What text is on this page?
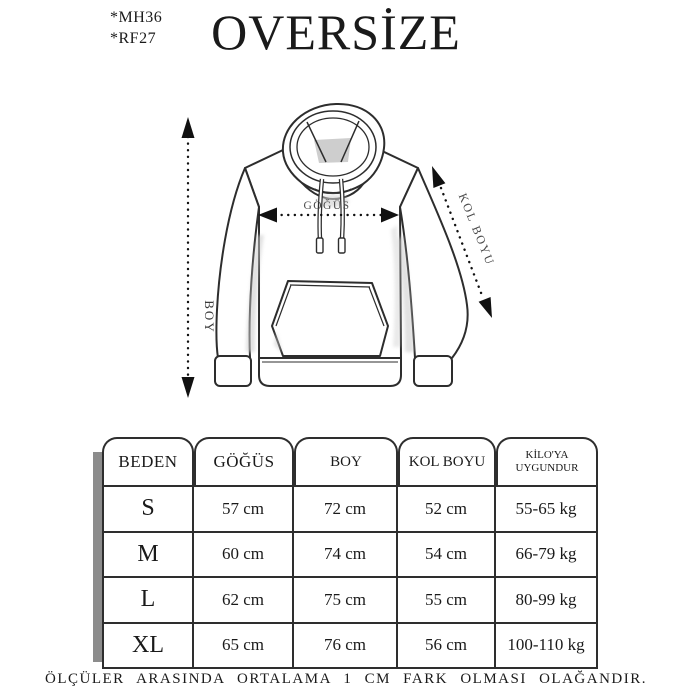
*MH36
*RF27 OVERSİZE
BOY
GÖĞÜS	KOL BOYU
BEDEN	GÖĞÜS	BOY	KOL BOYU	KİLO'YA UYGUNDUR
S	57 cm	72 cm	52 cm	55-65 kg
M	60 cm	74 cm	54 cm	66-79 kg
L	62 cm	75 cm	55 cm	80-99 kg
XL	65 cm	76 cm	56 cm	100-110 kg
ÖLÇÜLER ARASINDA ORTALAMA 1 CM FARK OLMASI OLAĞANDIR.
